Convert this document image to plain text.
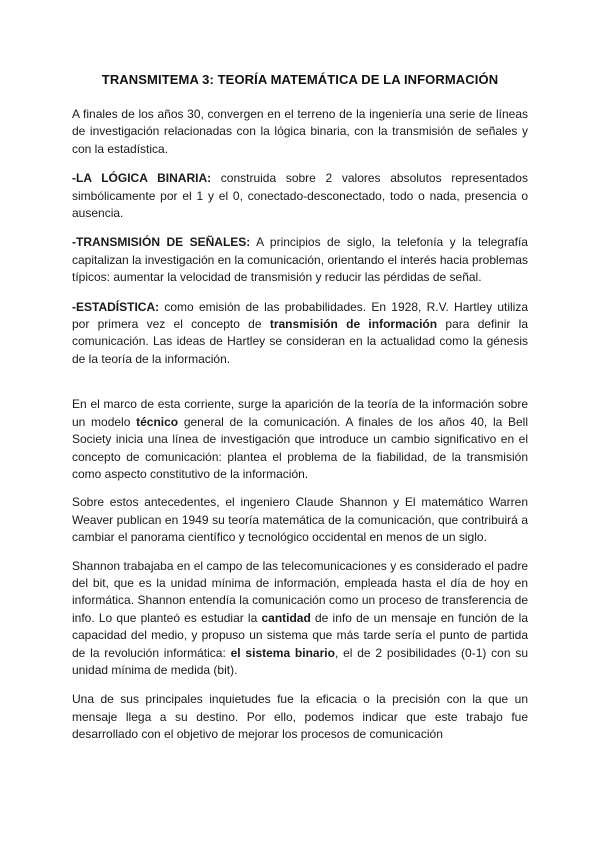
TRANSMITEMA 3: TEORÍA MATEMÁTICA DE LA INFORMACIÓN

A finales de los años 30, convergen en el terreno de la ingeniería una serie de líneas de investigación relacionadas con la lógica binaria, con la transmisión de señales y con la estadística.

-LA LÓGICA BINARIA: construida sobre 2 valores absolutos representados simbólicamente por el 1 y el 0, conectado-desconectado, todo o nada, presencia o ausencia.

-TRANSMISIÓN DE SEÑALES: A principios de siglo, la telefonía y la telegrafía capitalizan la investigación en la comunicación, orientando el interés hacia problemas típicos: aumentar la velocidad de transmisión y reducir las pérdidas de señal.

-ESTADÍSTICA: como emisión de las probabilidades. En 1928, R.V. Hartley utiliza por primera vez el concepto de transmisión de información para definir la comunicación. Las ideas de Hartley se consideran en la actualidad como la génesis de la teoría de la información.

En el marco de esta corriente, surge la aparición de la teoría de la información sobre un modelo técnico general de la comunicación. A finales de los años 40, la Bell Society inicia una línea de investigación que introduce un cambio significativo en el concepto de comunicación: plantea el problema de la fiabilidad, de la transmisión como aspecto constitutivo de la información.

Sobre estos antecedentes, el ingeniero Claude Shannon y El matemático Warren Weaver publican en 1949 su teoría matemática de la comunicación, que contribuirá a cambiar el panorama científico y tecnológico occidental en menos de un siglo.

Shannon trabajaba en el campo de las telecomunicaciones y es considerado el padre del bit, que es la unidad mínima de información, empleada hasta el día de hoy en informática. Shannon entendía la comunicación como un proceso de transferencia de info. Lo que planteó es estudiar la cantidad de info de un mensaje en función de la capacidad del medio, y propuso un sistema que más tarde sería el punto de partida de la revolución informática: el sistema binario, el de 2 posibilidades (0-1) con su unidad mínima de medida (bit).

Una de sus principales inquietudes fue la eficacia o la precisión con la que un mensaje llega a su destino. Por ello, podemos indicar que este trabajo fue desarrollado con el objetivo de mejorar los procesos de comunicación
